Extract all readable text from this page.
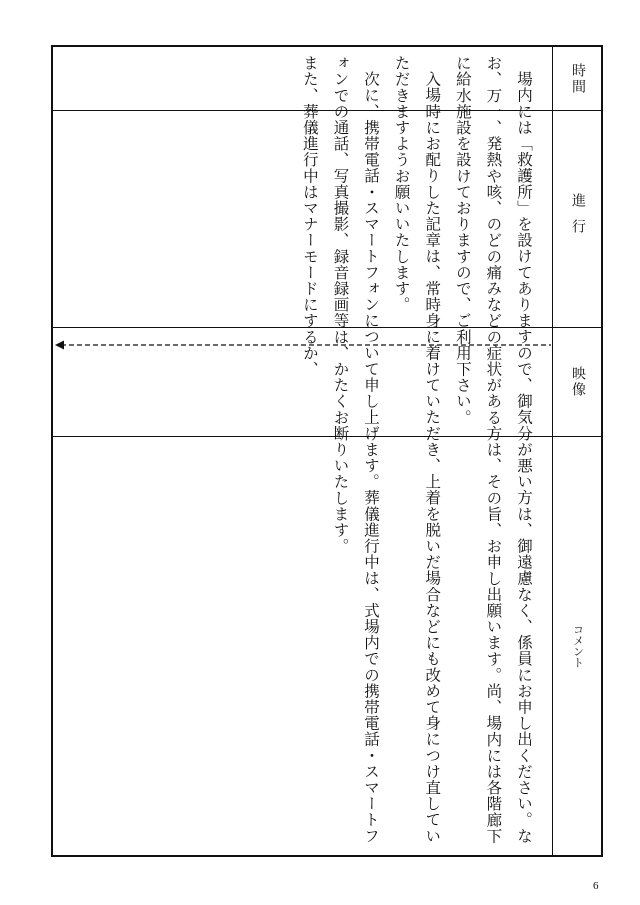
時間
進行
映像
コメント

場内には「救護所」を設けてありますので、御気分が悪い方は、御遠慮なく、係員にお申し出ください。なお、万一、発熱や咳、のどの痛みなどの症状がある方は、その旨、お申し出願います。尚、場内には各階廊下に給水施設を設けておりますので、ご利用下さい。

入場時にお配りした記章は、常時身に着けていただき、上着を脱いだ場合などにも改めて身につけ直していただきますようお願いいたします。

次に、携帯電話・スマートフォンについて申し上げます。葬儀進行中は、式場内での携帯電話・スマートフォンでの通話、写真撮影、録音録画等は、かたくお断りいたします。

また、葬儀進行中はマナーモードにするか、

6
